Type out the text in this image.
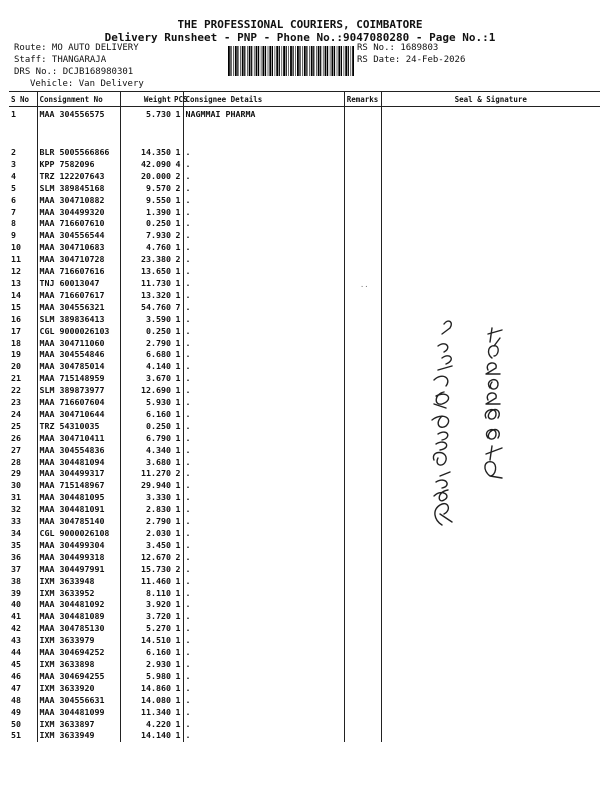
THE PROFESSIONAL COURIERS, COIMBATORE
Delivery Runsheet - PNP - Phone No.:9047080280 - Page No.:1
Route: MO AUTO DELIVERY
Staff: THANGARAJA
DRS No.: DCJB168980301
Vehicle: Van Delivery
RS No.: 1689803
RS Date: 24-Feb-2026
S No	Consignment No	Weight	PCS	Consignee Details	Remarks	Seal & Signature
1	MAA 304556575	5.730	1	NAGMMAI PHARMA		

2	BLR 5005566866	14.350	1	.		
3	KPP 7582096	42.090	4	.		
4	TRZ 122207643	20.000	2	.		
5	SLM 389845168	9.570	2	.		
6	MAA 304710882	9.550	1	.		
7	MAA 304499320	1.390	1	.		
8	MAA 716607610	0.250	1	.		
9	MAA 304556544	7.930	2	.		
10	MAA 304710683	4.760	1	.		
11	MAA 304710728	23.380	2	.		
12	MAA 716607616	13.650	1	.		
13	TNJ 60013047	11.730	1	.		
14	MAA 716607617	13.320	1	.		
15	MAA 304556321	54.760	7	.		
16	SLM 389836413	3.590	1	.		
17	CGL 9000026103	0.250	1	.		
18	MAA 304711060	2.790	1	.		
19	MAA 304554846	6.680	1	.		
20	MAA 304785014	4.140	1	.		
21	MAA 715148959	3.670	1	.		
22	SLM 389873977	12.690	1	.		
23	MAA 716607604	5.930	1	.		
24	MAA 304710644	6.160	1	.		
25	TRZ 54310035	0.250	1	.		
26	MAA 304710411	6.790	1	.		
27	MAA 304554836	4.340	1	.		
28	MAA 304481094	3.680	1	.		
29	MAA 304499317	11.270	2	.		
30	MAA 715148967	29.940	1	.		
31	MAA 304481095	3.330	1	.		
32	MAA 304481091	2.830	1	.		
33	MAA 304785140	2.790	1	.		
34	CGL 9000026108	2.030	1	.		
35	MAA 304499304	3.450	1	.		
36	MAA 304499318	12.670	2	.		
37	MAA 304497991	15.730	2	.		
38	IXM 3633948	11.460	1	.		
39	IXM 3633952	8.110	1	.		
40	MAA 304481092	3.920	1	.		
41	MAA 304481089	3.720	1	.		
42	MAA 304785130	5.270	1	.		
43	IXM 3633979	14.510	1	.		
44	MAA 304694252	6.160	1	.		
45	IXM 3633898	2.930	1	.		
46	MAA 304694255	5.980	1	.		
47	IXM 3633920	14.860	1	.		
48	MAA 304556631	14.080	1	.		
49	MAA 304481099	11.340	1	.		
50	IXM 3633897	4.220	1	.		
51	IXM 3633949	14.140	1	.		
··
